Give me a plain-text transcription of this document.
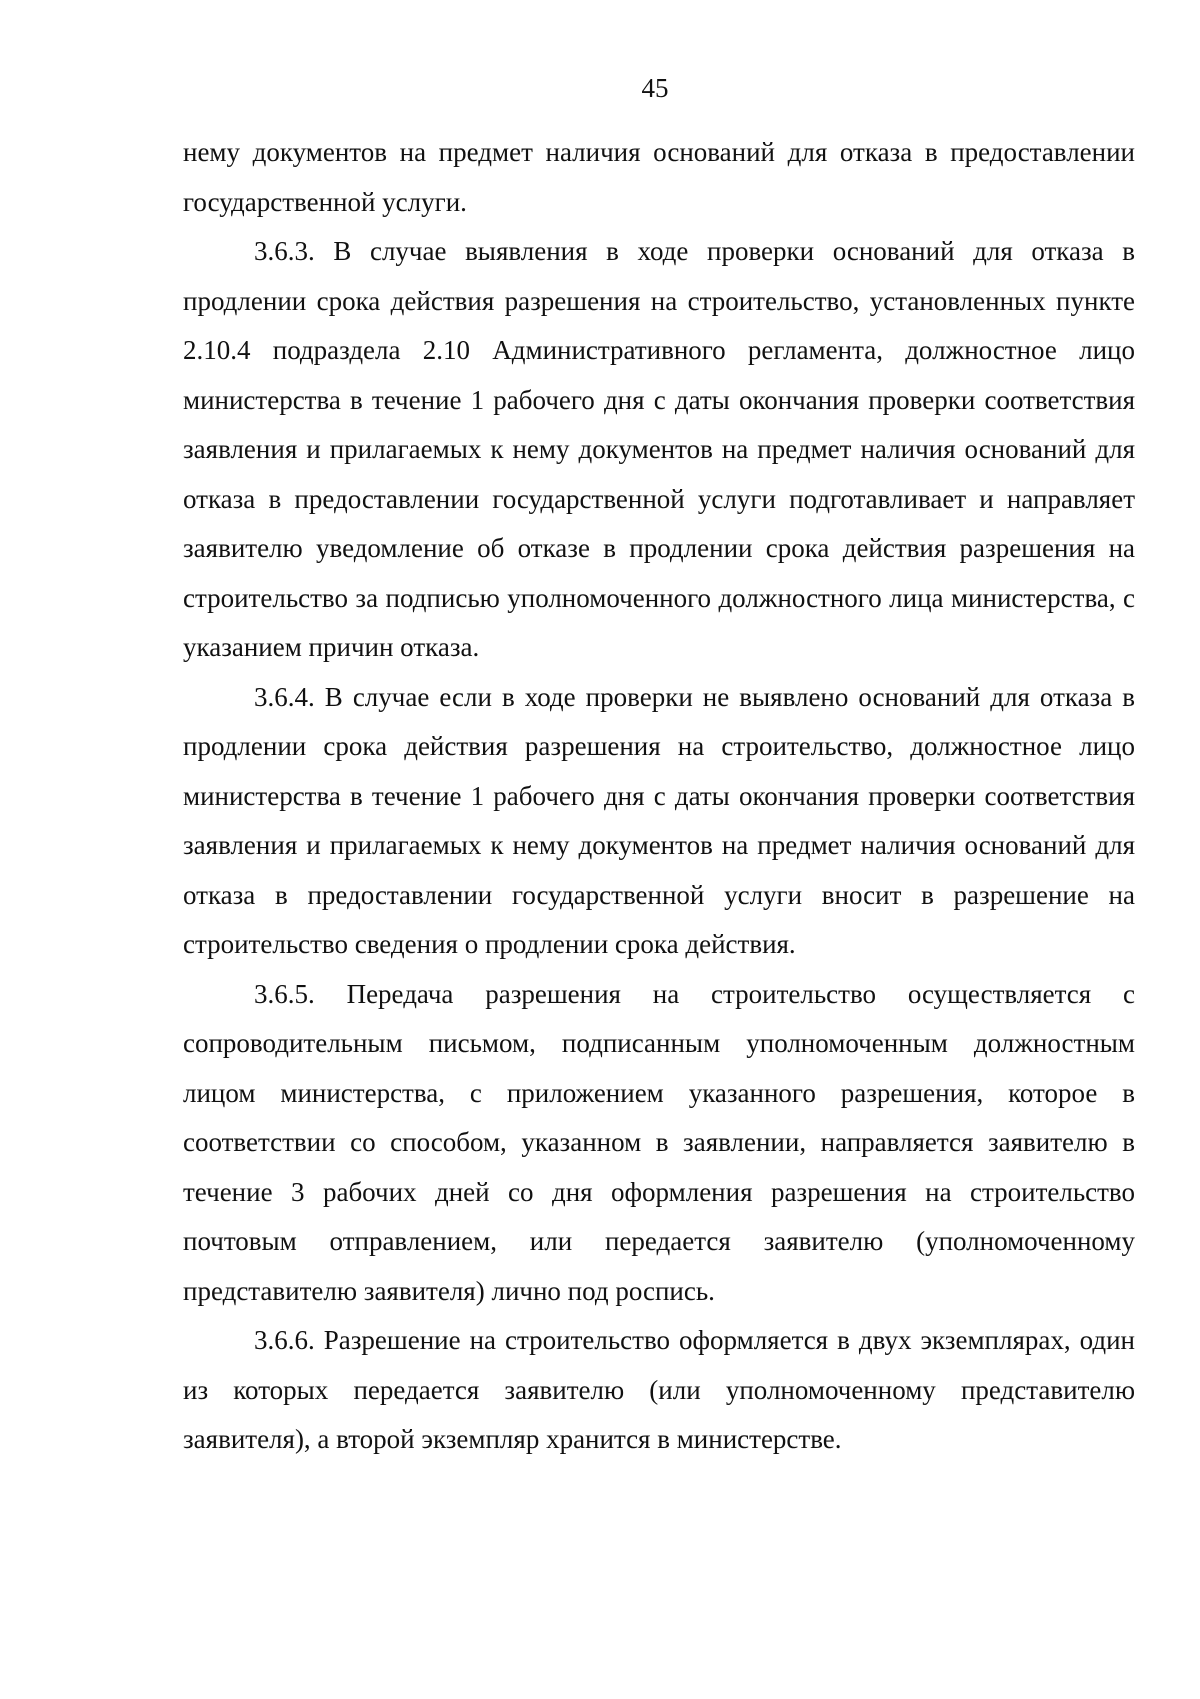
45

нему документов на предмет наличия оснований для отказа в предоставлении государственной услуги.

3.6.3. В случае выявления в ходе проверки оснований для отказа в продлении срока действия разрешения на строительство, установленных пункте 2.10.4 подраздела 2.10 Административного регламента, должностное лицо министерства в течение 1 рабочего дня с даты окончания проверки соответствия заявления и прилагаемых к нему документов на предмет наличия оснований для отказа в предоставлении государственной услуги подготавливает и направляет заявителю уведомление об отказе в продлении срока действия разрешения на строительство за подписью уполномоченного должностного лица министерства, с указанием причин отказа.

3.6.4. В случае если в ходе проверки не выявлено оснований для отказа в продлении срока действия разрешения на строительство, должностное лицо министерства в течение 1 рабочего дня с даты окончания проверки соответствия заявления и прилагаемых к нему документов на предмет наличия оснований для отказа в предоставлении государственной услуги вносит в разрешение на строительство сведения о продлении срока действия.

3.6.5. Передача разрешения на строительство осуществляется с сопроводительным письмом, подписанным уполномоченным должностным лицом министерства, с приложением указанного разрешения, которое в соответствии со способом, указанном в заявлении, направляется заявителю в течение 3 рабочих дней со дня оформления разрешения на строительство почтовым отправлением, или передается заявителю (уполномоченному представителю заявителя) лично под роспись.

3.6.6. Разрешение на строительство оформляется в двух экземплярах, один из которых передается заявителю (или уполномоченному представителю заявителя), а второй экземпляр хранится в министерстве.
